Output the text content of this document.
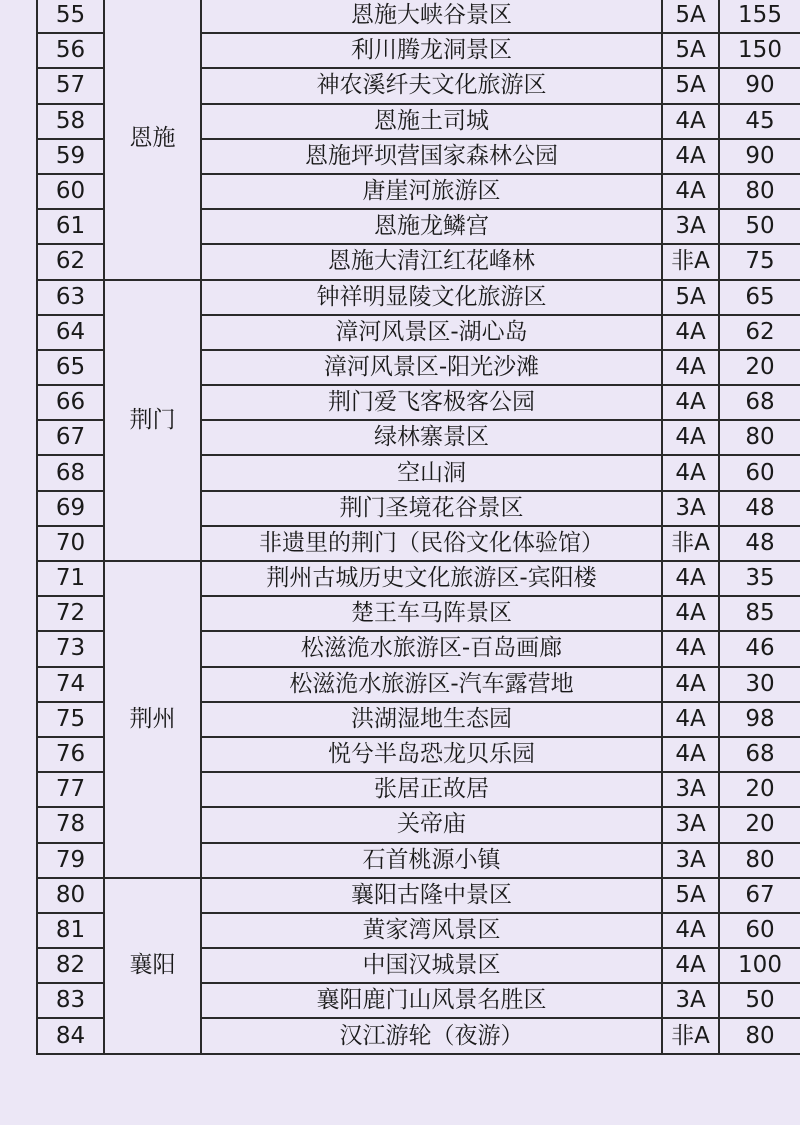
55	恩施	恩施大峡谷景区	5A	155
56		利川腾龙洞景区	5A	150
57		神农溪纤夫文化旅游区	5A	90
58		恩施土司城	4A	45
59		恩施坪坝营国家森林公园	4A	90
60		唐崖河旅游区	4A	80
61		恩施龙鳞宫	3A	50
62		恩施大清江红花峰林	非A	75
63	荆门	钟祥明显陵文化旅游区	5A	65
64		漳河风景区-湖心岛	4A	62
65		漳河风景区-阳光沙滩	4A	20
66		荆门爱飞客极客公园	4A	68
67		绿林寨景区	4A	80
68		空山洞	4A	60
69		荆门圣境花谷景区	3A	48
70		非遗里的荆门（民俗文化体验馆）	非A	48
71	荆州	荆州古城历史文化旅游区-宾阳楼	4A	35
72		楚王车马阵景区	4A	85
73		松滋洈水旅游区-百岛画廊	4A	46
74		松滋洈水旅游区-汽车露营地	4A	30
75		洪湖湿地生态园	4A	98
76		悦兮半岛恐龙贝乐园	4A	68
77		张居正故居	3A	20
78		关帝庙	3A	20
79		石首桃源小镇	3A	80
80	襄阳	襄阳古隆中景区	5A	67
81		黄家湾风景区	4A	60
82		中国汉城景区	4A	100
83		襄阳鹿门山风景名胜区	3A	50
84		汉江游轮（夜游）	非A	80
